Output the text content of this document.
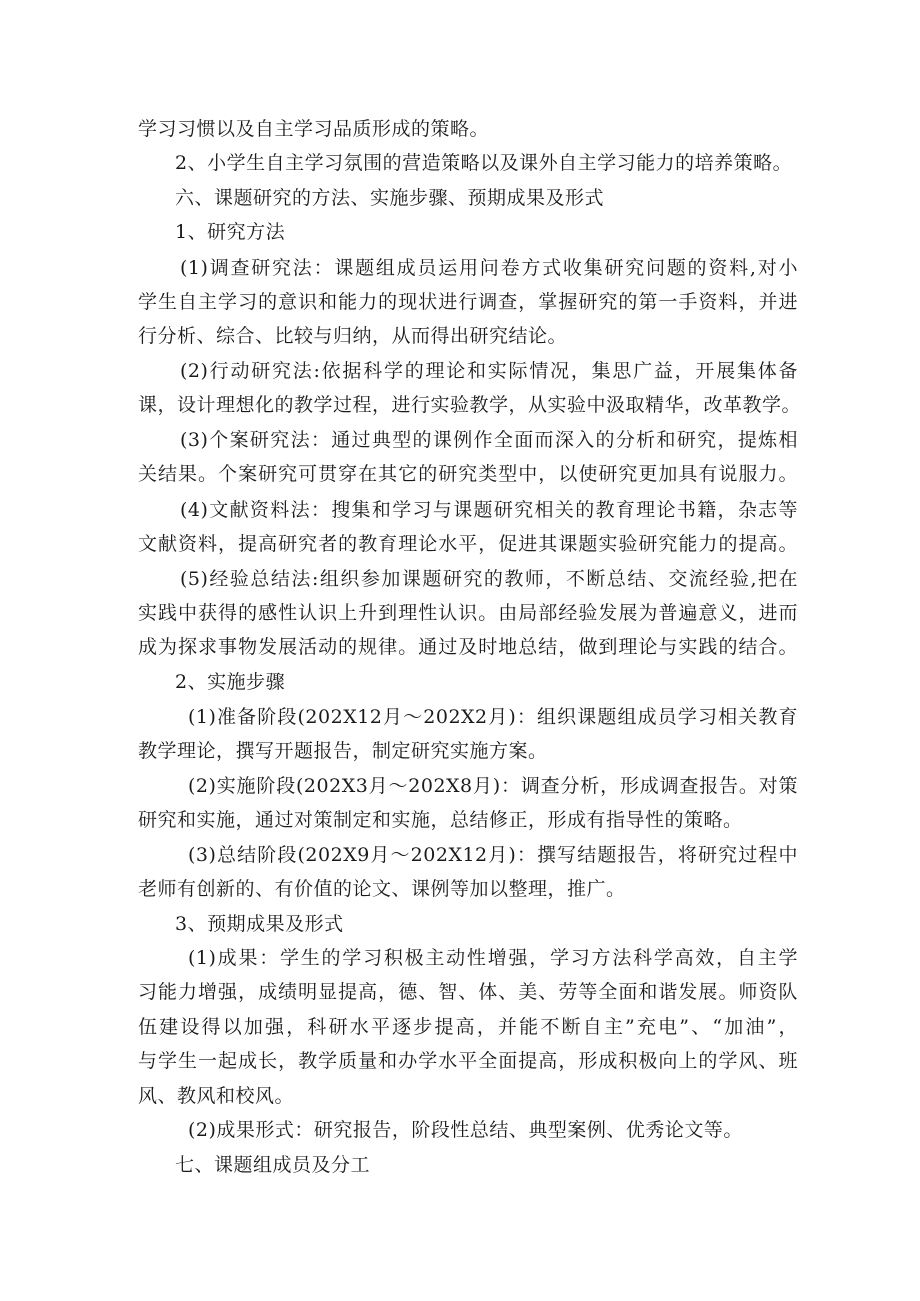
学习习惯以及自主学习品质形成的策略。
2、小学生自主学习氛围的营造策略以及课外自主学习能力的培养策略。
六、课题研究的方法、实施步骤、预期成果及形式
1、研究方法
(1)调查研究法：课题组成员运用问卷方式收集研究问题的资料,对小
学生自主学习的意识和能力的现状进行调查，掌握研究的第一手资料，并进
行分析、综合、比较与归纳，从而得出研究结论。
(2)行动研究法:依据科学的理论和实际情况，集思广益，开展集体备
课，设计理想化的教学过程，进行实验教学，从实验中汲取精华，改革教学。
(3)个案研究法：通过典型的课例作全面而深入的分析和研究，提炼相
关结果。个案研究可贯穿在其它的研究类型中，以使研究更加具有说服力。
(4)文献资料法：搜集和学习与课题研究相关的教育理论书籍，杂志等
文献资料，提高研究者的教育理论水平，促进其课题实验研究能力的提高。
(5)经验总结法:组织参加课题研究的教师，不断总结、交流经验,把在
实践中获得的感性认识上升到理性认识。由局部经验发展为普遍意义，进而
成为探求事物发展活动的规律。通过及时地总结，做到理论与实践的结合。
2、实施步骤
(1)准备阶段(202X12月～202X2月)：组织课题组成员学习相关教育
教学理论，撰写开题报告，制定研究实施方案。
(2)实施阶段(202X3月～202X8月)：调查分析，形成调查报告。对策
研究和实施，通过对策制定和实施，总结修正，形成有指导性的策略。
(3)总结阶段(202X9月～202X12月)：撰写结题报告，将研究过程中
老师有创新的、有价值的论文、课例等加以整理，推广。
3、预期成果及形式
(1)成果：学生的学习积极主动性增强，学习方法科学高效，自主学
习能力增强，成绩明显提高，德、智、体、美、劳等全面和谐发展。师资队
伍建设得以加强，科研水平逐步提高，并能不断自主”充电”、“加油”，
与学生一起成长，教学质量和办学水平全面提高，形成积极向上的学风、班
风、教风和校风。
(2)成果形式：研究报告，阶段性总结、典型案例、优秀论文等。
七、课题组成员及分工
